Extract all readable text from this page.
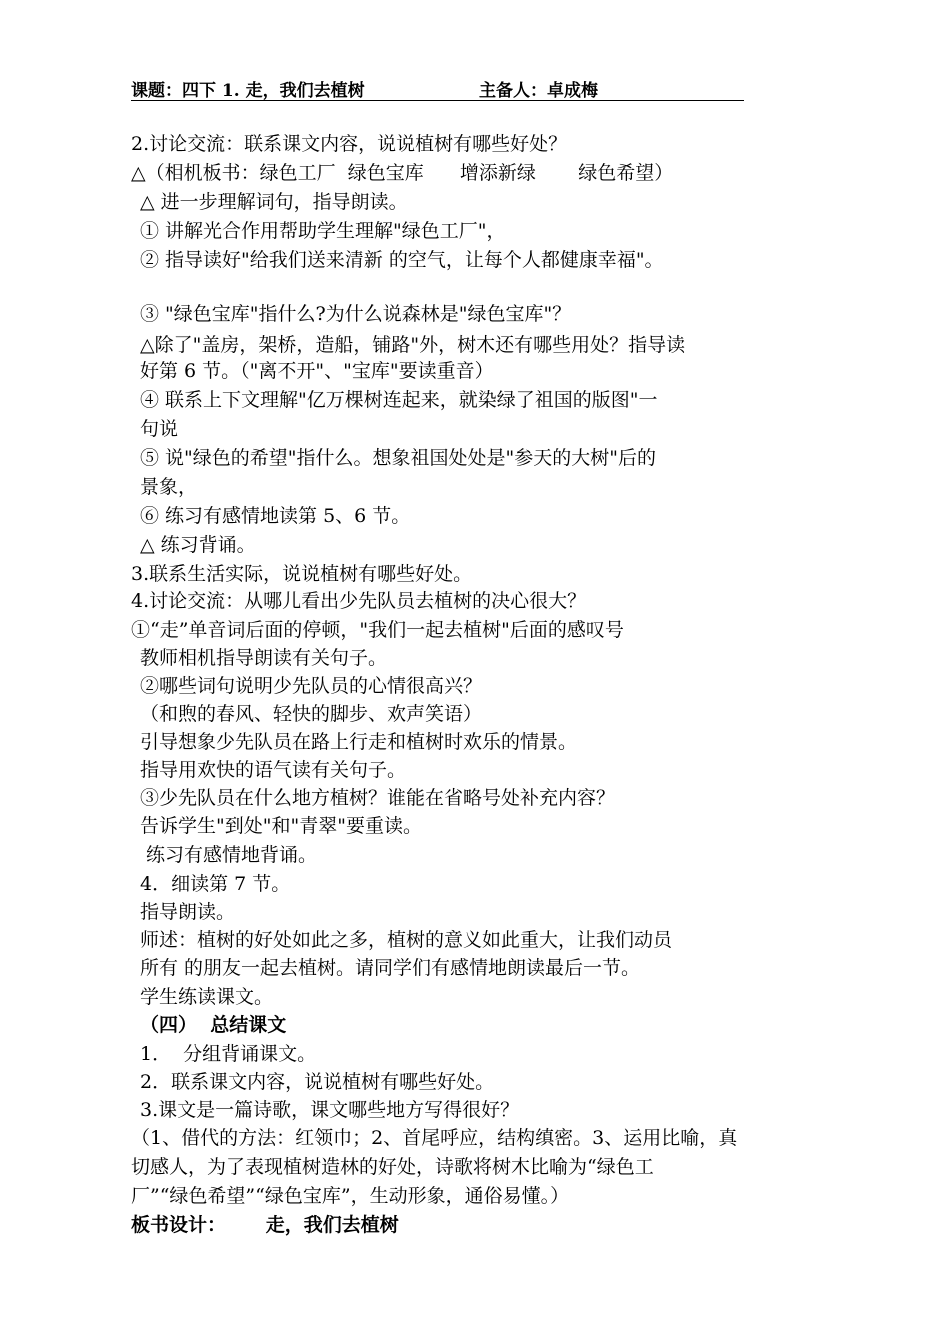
课题：四下 1. 走，我们去植树	主备人：卓成梅
2.讨论交流：联系课文内容，说说植树有哪些好处？
△（相机板书：绿色工厂  绿色宝库      增添新绿       绿色希望）
△ 进一步理解词句，指导朗读。
① 讲解光合作用帮助学生理解"绿色工厂"，
② 指导读好"给我们送来清新 的空气，让每个人都健康幸福"。
③ "绿色宝库"指什么?为什么说森林是"绿色宝库"？
△除了"盖房，架桥，造船，铺路"外，树木还有哪些用处？指导读
好第 6 节。（"离不开"、"宝库"要读重音）
④ 联系上下文理解"亿万棵树连起来，就染绿了祖国的版图"一
句说
⑤ 说"绿色的希望"指什么。想象祖国处处是"参天的大树"后的
景象，
⑥ 练习有感情地读第 5、6 节。
△ 练习背诵。
3.联系生活实际，说说植树有哪些好处。
4.讨论交流：从哪儿看出少先队员去植树的决心很大？
①“走”单音词后面的停顿，"我们一起去植树"后面的感叹号
教师相机指导朗读有关句子。
②哪些词句说明少先队员的心情很高兴？
（和煦的春风、轻快的脚步、欢声笑语）
引导想象少先队员在路上行走和植树时欢乐的情景。
指导用欢快的语气读有关句子。
③少先队员在什么地方植树？谁能在省略号处补充内容？
告诉学生"到处"和"青翠"要重读。
练习有感情地背诵。
4．细读第 7 节。
指导朗读。
师述：植树的好处如此之多，植树的意义如此重大，让我们动员
所有 的朋友一起去植树。请同学们有感情地朗读最后一节。
学生练读课文。
（四）  总结课文
1．  分组背诵课文。
2．联系课文内容，说说植树有哪些好处。
3.课文是一篇诗歌，课文哪些地方写得很好？
（1、借代的方法：红领巾；2、首尾呼应，结构缜密。3、运用比喻，真
切感人，为了表现植树造林的好处，诗歌将树木比喻为“绿色工
厂”“绿色希望”“绿色宝库”，生动形象，通俗易懂。）
板书设计：      走，我们去植树
